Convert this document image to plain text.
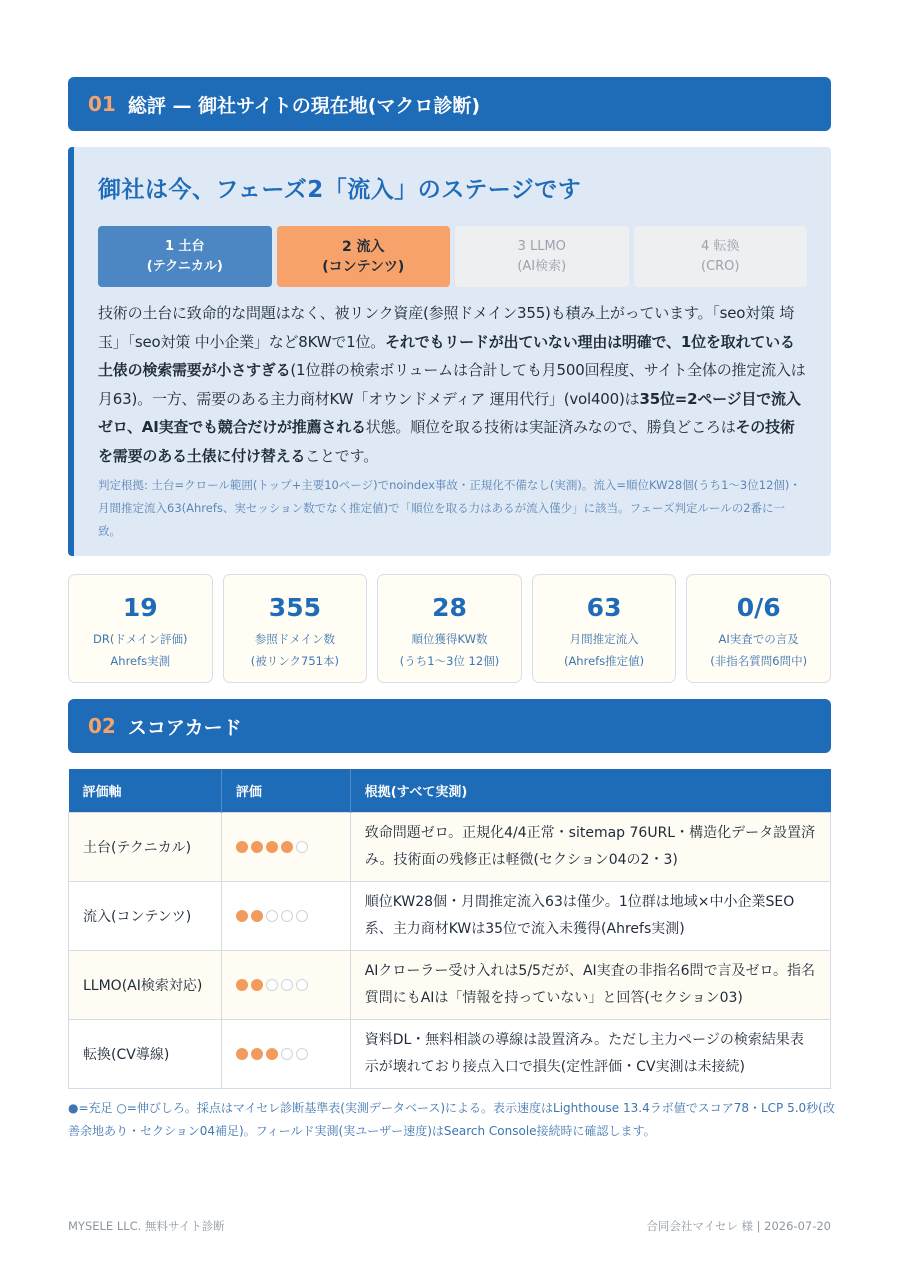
01 総評 — 御社サイトの現在地(マクロ診断)
御社は今、フェーズ2「流入」のステージです
1 土台
(テクニカル)
2 流入
(コンテンツ)
3 LLMO
(AI検索)
4 転換
(CRO)

技術の土台に致命的な問題はなく、被リンク資産(参照ドメイン355)も積み上がっています。「seo対策 埼玉」「seo対策 中小企業」など8KWで1位。それでもリードが出ていない理由は明確で、1位を取れている土俵の検索需要が小さすぎる(1位群の検索ボリュームは合計しても月500回程度、サイト全体の推定流入は月63)。一方、需要のある主力商材KW「オウンドメディア 運用代行」(vol400)は35位=2ページ目で流入ゼロ、AI実査でも競合だけが推薦される状態。順位を取る技術は実証済みなので、勝負どころはその技術を需要のある土俵に付け替えることです。

判定根拠: 土台=クロール範囲(トップ+主要10ページ)でnoindex事故・正規化不備なし(実測)。流入=順位KW28個(うち1〜3位12個)・月間推定流入63(Ahrefs、実セッション数でなく推定値)で「順位を取る力はあるが流入僅少」に該当。フェーズ判定ルールの2番に一致。

19
DR(ドメイン評価)
Ahrefs実測
355
参照ドメイン数
(被リンク751本)
28
順位獲得KW数
(うち1〜3位 12個)
63
月間推定流入
(Ahrefs推定値)
0/6
AI実査での言及
(非指名質問6問中)
02 スコアカード
評価軸	評価	根拠(すべて実測)
土台(テクニカル)		致命問題ゼロ。正規化4/4正常・sitemap 76URL・構造化データ設置済み。技術面の残修正は軽微(セクション04の2・3)
流入(コンテンツ)		順位KW28個・月間推定流入63は僅少。1位群は地域×中小企業SEO系、主力商材KWは35位で流入未獲得(Ahrefs実測)
LLMO(AI検索対応)		AIクローラー受け入れは5/5だが、AI実査の非指名6問で言及ゼロ。指名質問にもAIは「情報を持っていない」と回答(セクション03)
転換(CV導線)		資料DL・無料相談の導線は設置済み。ただし主力ページの検索結果表示が壊れており接点入口で損失(定性評価・CV実測は未接続)

●=充足 ○=伸びしろ。採点はマイセレ診断基準表(実測データベース)による。表示速度はLighthouse 13.4ラボ値でスコア78・LCP 5.0秒(改善余地あり・セクション04補足)。フィールド実測(実ユーザー速度)はSearch Console接続時に確認します。

MYSELE LLC. 無料サイト診断	合同会社マイセレ 様 | 2026-07-20
